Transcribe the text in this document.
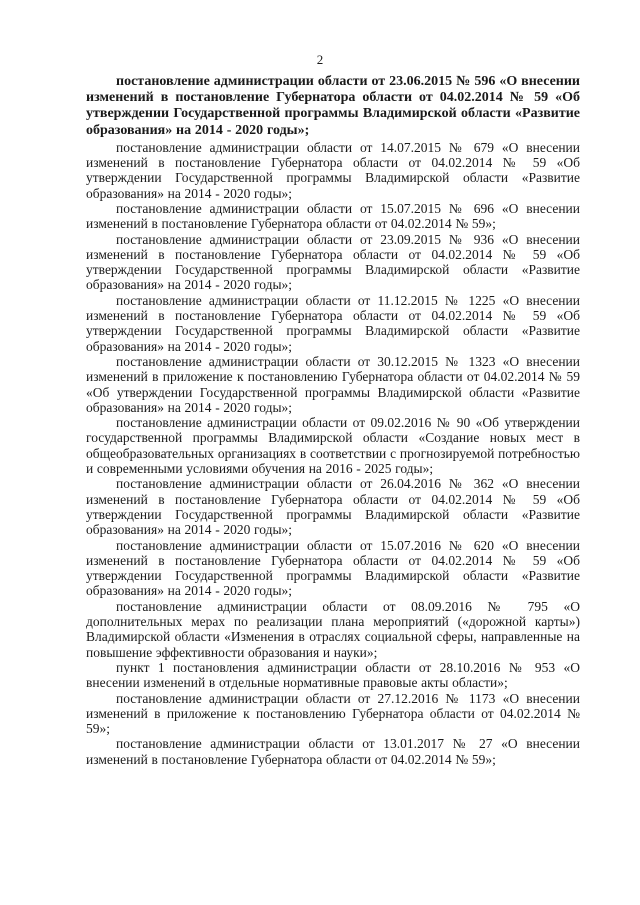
2

постановление администрации области от 23.06.2015 № 596 «О внесении изменений в постановление Губернатора области от 04.02.2014 № 59 «Об утверждении Государственной программы Владимирской области «Развитие образования» на 2014 - 2020 годы»;

постановление администрации области от 14.07.2015 № 679 «О внесении изменений в постановление Губернатора области от 04.02.2014 № 59 «Об утверждении Государственной программы Владимирской области «Развитие образования» на 2014 - 2020 годы»;

постановление администрации области от 15.07.2015 № 696 «О внесении изменений в постановление Губернатора области от 04.02.2014 № 59»;

постановление администрации области от 23.09.2015 № 936 «О внесении изменений в постановление Губернатора области от 04.02.2014 № 59 «Об утверждении Государственной программы Владимирской области «Развитие образования» на 2014 - 2020 годы»;

постановление администрации области от 11.12.2015 № 1225 «О внесении изменений в постановление Губернатора области от 04.02.2014 № 59 «Об утверждении Государственной программы Владимирской области «Развитие образования» на 2014 - 2020 годы»;

постановление администрации области от 30.12.2015 № 1323 «О внесении изменений в приложение к постановлению Губернатора области от 04.02.2014 № 59 «Об утверждении Государственной программы Владимирской области «Развитие образования» на 2014 - 2020 годы»;

постановление администрации области от 09.02.2016 № 90 «Об утверждении государственной программы Владимирской области «Создание новых мест в общеобразовательных организациях в соответствии с прогнозируемой потребностью и современными условиями обучения на 2016 - 2025 годы»;

постановление администрации области от 26.04.2016 № 362 «О внесении изменений в постановление Губернатора области от 04.02.2014 № 59 «Об утверждении Государственной программы Владимирской области «Развитие образования» на 2014 - 2020 годы»;

постановление администрации области от 15.07.2016 № 620 «О внесении изменений в постановление Губернатора области от 04.02.2014 № 59 «Об утверждении Государственной программы Владимирской области «Развитие образования» на 2014 - 2020 годы»;

постановление администрации области от 08.09.2016 № 795 «О дополнительных мерах по реализации плана мероприятий («дорожной карты») Владимирской области «Изменения в отраслях социальной сферы, направленные на повышение эффективности образования и науки»;

пункт 1 постановления администрации области от 28.10.2016 № 953 «О внесении изменений в отдельные нормативные правовые акты области»;

постановление администрации области от 27.12.2016 № 1173 «О внесении изменений в приложение к постановлению Губернатора области от 04.02.2014 № 59»;

постановление администрации области от 13.01.2017 № 27 «О внесении изменений в постановление Губернатора области от 04.02.2014 № 59»;
